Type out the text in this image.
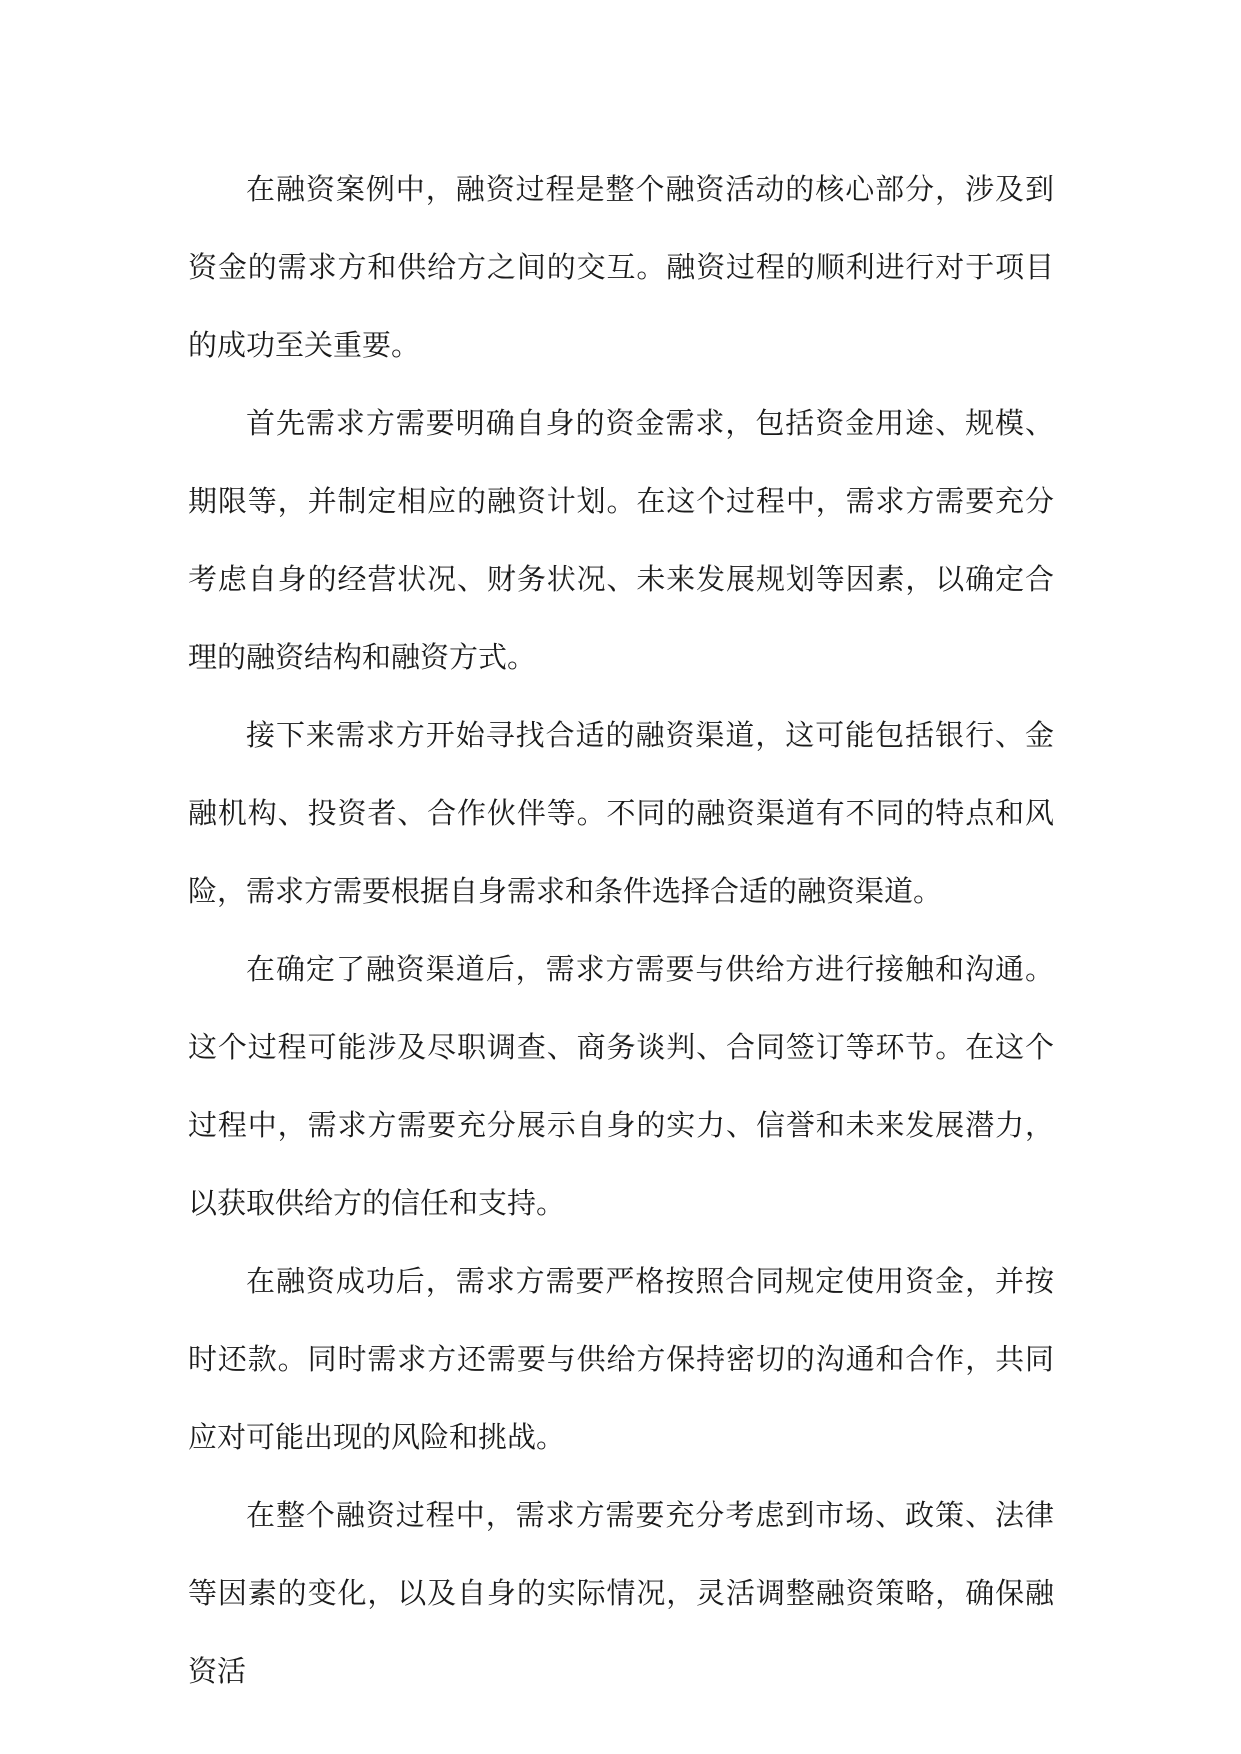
在融资案例中，融资过程是整个融资活动的核心部分，涉及到资金的需求方和供给方之间的交互。融资过程的顺利进行对于项目的成功至关重要。

首先需求方需要明确自身的资金需求，包括资金用途、规模、期限等，并制定相应的融资计划。在这个过程中，需求方需要充分考虑自身的经营状况、财务状况、未来发展规划等因素，以确定合理的融资结构和融资方式。

接下来需求方开始寻找合适的融资渠道，这可能包括银行、金融机构、投资者、合作伙伴等。不同的融资渠道有不同的特点和风险，需求方需要根据自身需求和条件选择合适的融资渠道。

在确定了融资渠道后，需求方需要与供给方进行接触和沟通。这个过程可能涉及尽职调查、商务谈判、合同签订等环节。在这个过程中，需求方需要充分展示自身的实力、信誉和未来发展潜力，以获取供给方的信任和支持。

在融资成功后，需求方需要严格按照合同规定使用资金，并按时还款。同时需求方还需要与供给方保持密切的沟通和合作，共同应对可能出现的风险和挑战。

在整个融资过程中，需求方需要充分考虑到市场、政策、法律等因素的变化，以及自身的实际情况，灵活调整融资策略，确保融资活
